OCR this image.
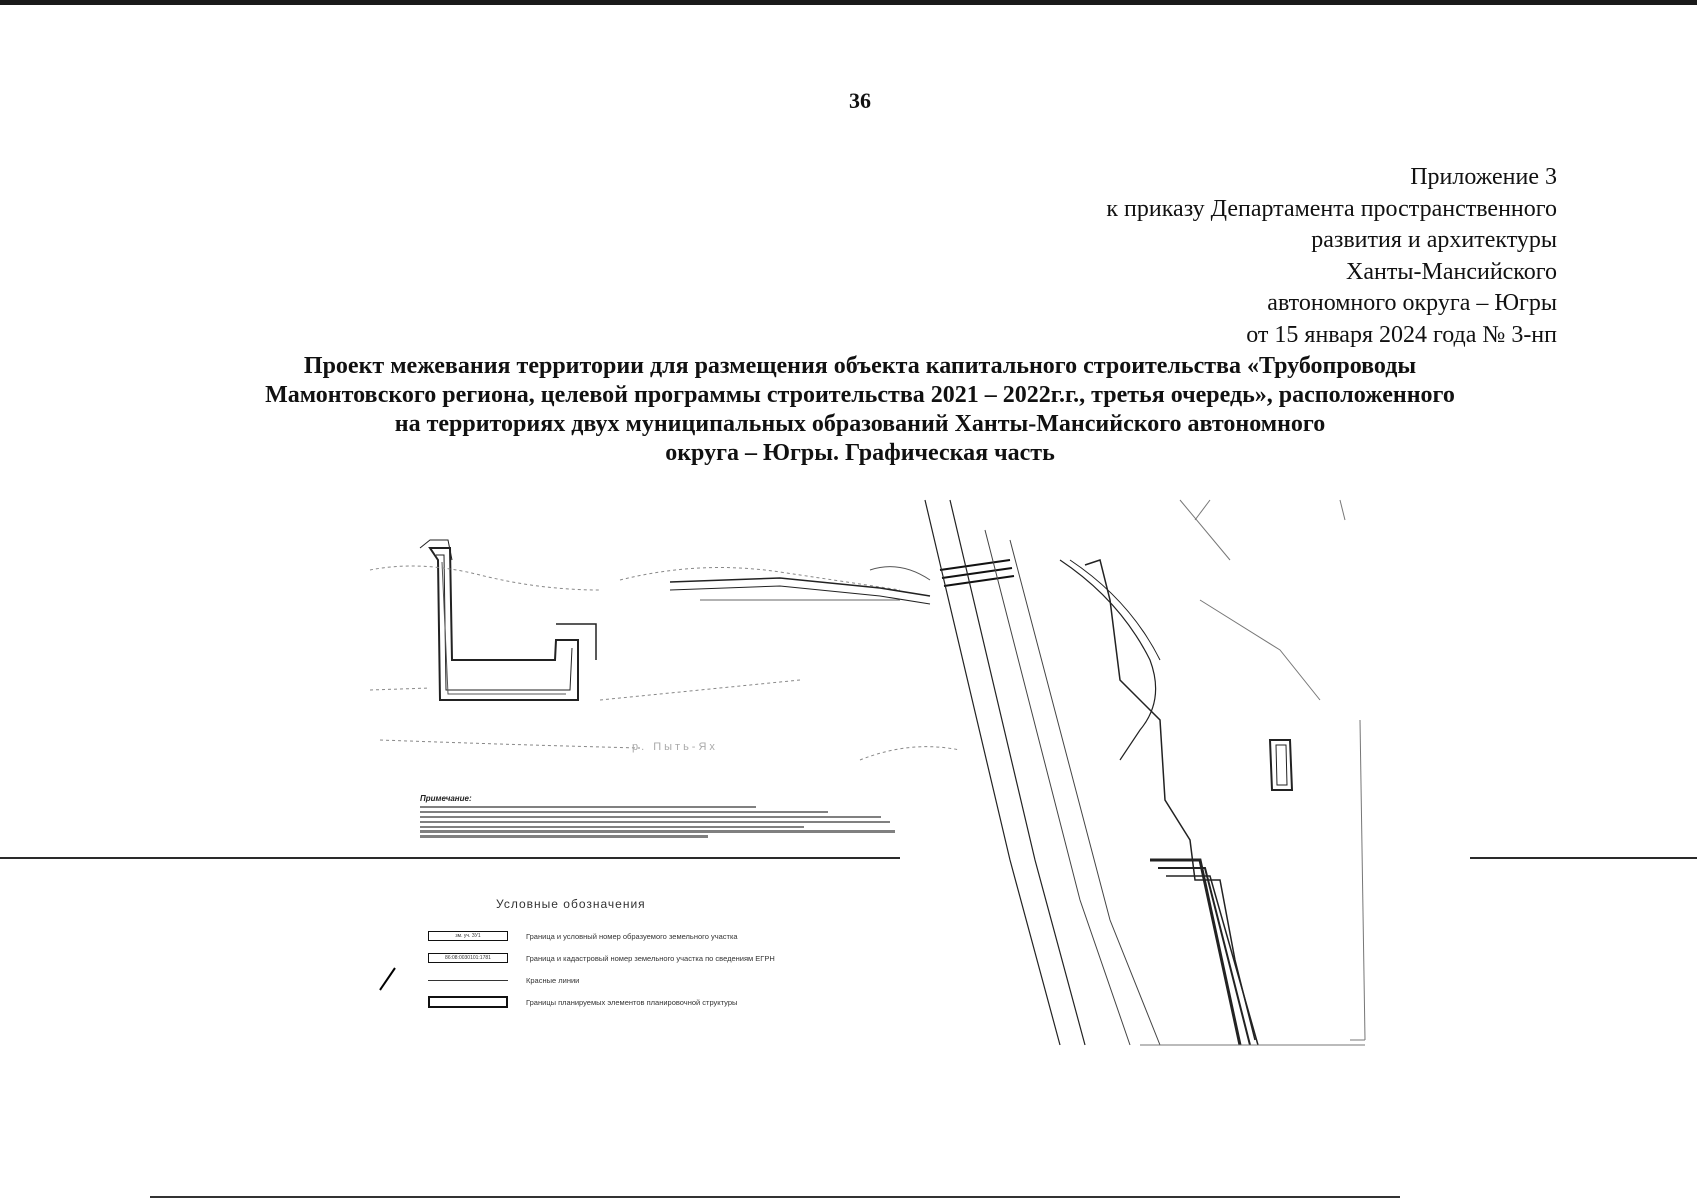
36
Приложение 3
к приказу Департамента пространственного
развития и архитектуры
Ханты-Мансийского
автономного округа – Югры
от 15 января 2024 года № 3-нп
Проект межевания территории для размещения объекта капитального строительства «Трубопроводы
Мамонтовского региона, целевой программы строительства 2021 – 2022г.г., третья очередь», расположенного
на территориях двух муниципальных образований Ханты-Мансийского автономного
округа – Югры. Графическая часть
р. Пыть-Ях
Примечание:
Условные обозначения
зм. уч. ЗУ1	Граница и условный номер образуемого земельного участка
86:08:0030101:1781	Граница и кадастровый номер земельного участка по сведениям ЕГРН
Красные линии
Границы планируемых элементов планировочной структуры
